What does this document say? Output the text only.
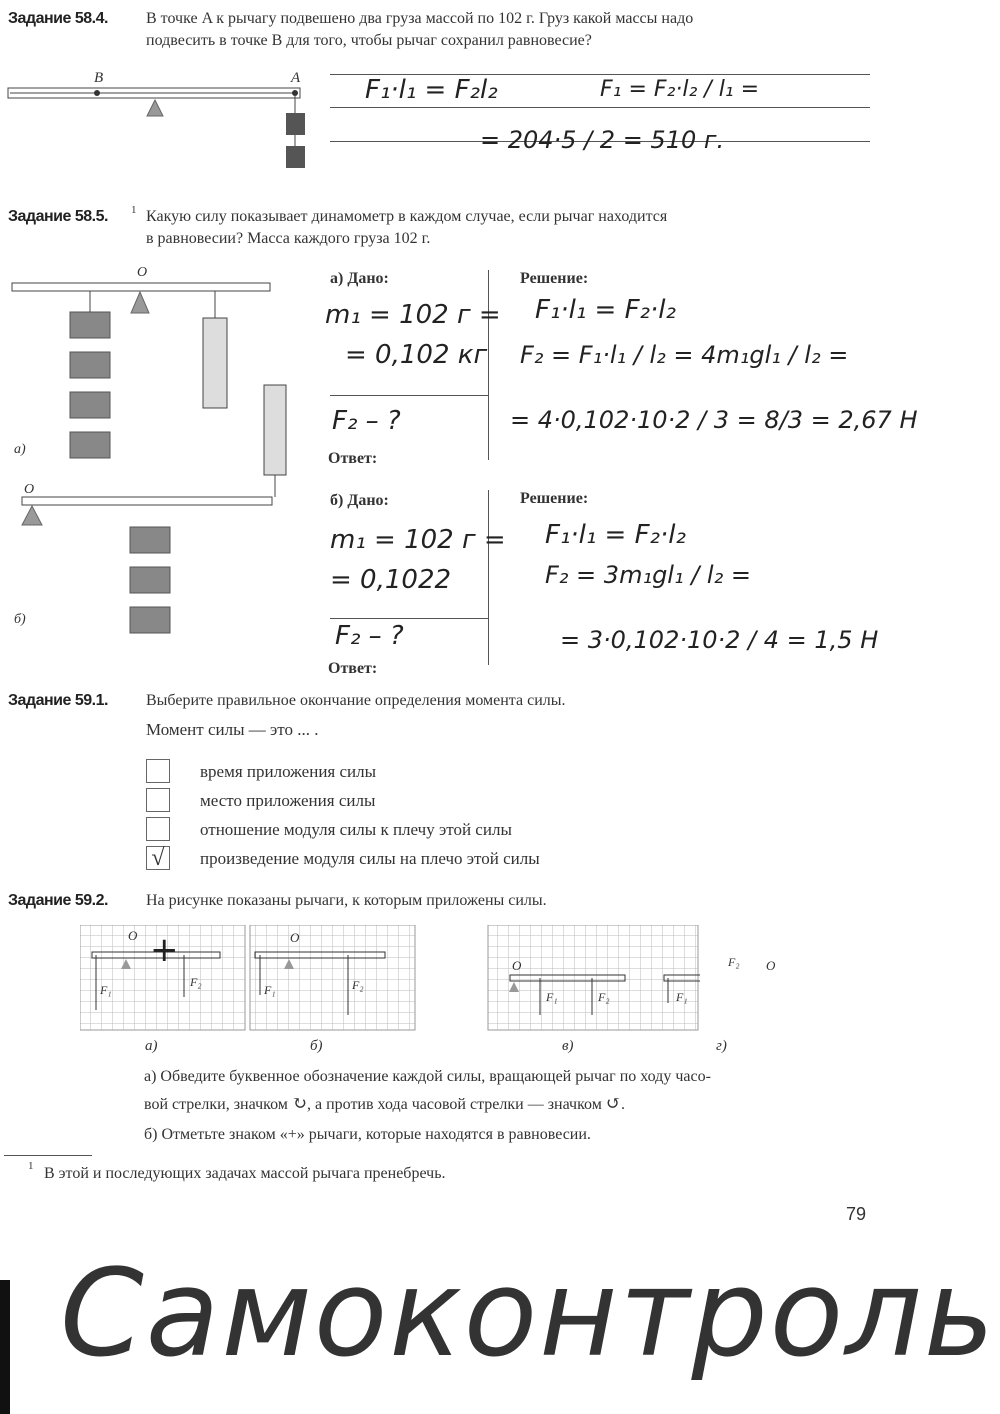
Задание 58.4. В точке A к рычагу подвешено два груза массой по 102 г. Груз какой массы надо
подвесить в точке B для того, чтобы рычаг сохранил равновесие?
B	A F₁·l₁ = F₂l₂	F₁ = F₂·l₂ / l₁ =
= 204·5 / 2 = 510 г.
Задание 58.5. 1 Какую силу показывает динамометр в каждом случае, если рычаг находится
в равновесии? Масса каждого груза 102 г.
O
O
а)
б)
а) Дано:	Решение:
m₁ = 102 г =
= 0,102 кг
F₂ – ?
Ответ:
F₁·l₁ = F₂·l₂
F₂ = F₁·l₁ / l₂ = 4m₁gl₁ / l₂ =
= 4·0,102·10·2 / 3 = 8/3 = 2,67 Н
б) Дано:	Решение:
m₁ = 102 г =
= 0,1022
F₂ – ?
Ответ:
F₁·l₁ = F₂·l₂
F₂ = 3m₁gl₁ / l₂ =
= 3·0,102·10·2 / 4 = 1,5 Н
Задание 59.1. Выберите правильное окончание определения момента силы.
Момент силы — это ... .
время приложения силы
место приложения силы
отношение модуля силы к плечу этой силы
√	произведение модуля силы на плечо этой силы
Задание 59.2. На рисунке показаны рычаги, к которым приложены силы.
O	O
O	O
F₁
F₂
F₁	F₂
F₁	F₂	F₁
F₂
+
а)	б)	в)	г)
а) Обведите буквенное обозначение каждой силы, вращающей рычаг по ходу часо-
вой стрелки, значком ↻, а против хода часовой стрелки — значком ↺.
б) Отметьте знаком «+» рычаги, которые находятся в равновесии.
1 В этой и последующих задачах массой рычага пренебречь.
79
Самоконтроль
